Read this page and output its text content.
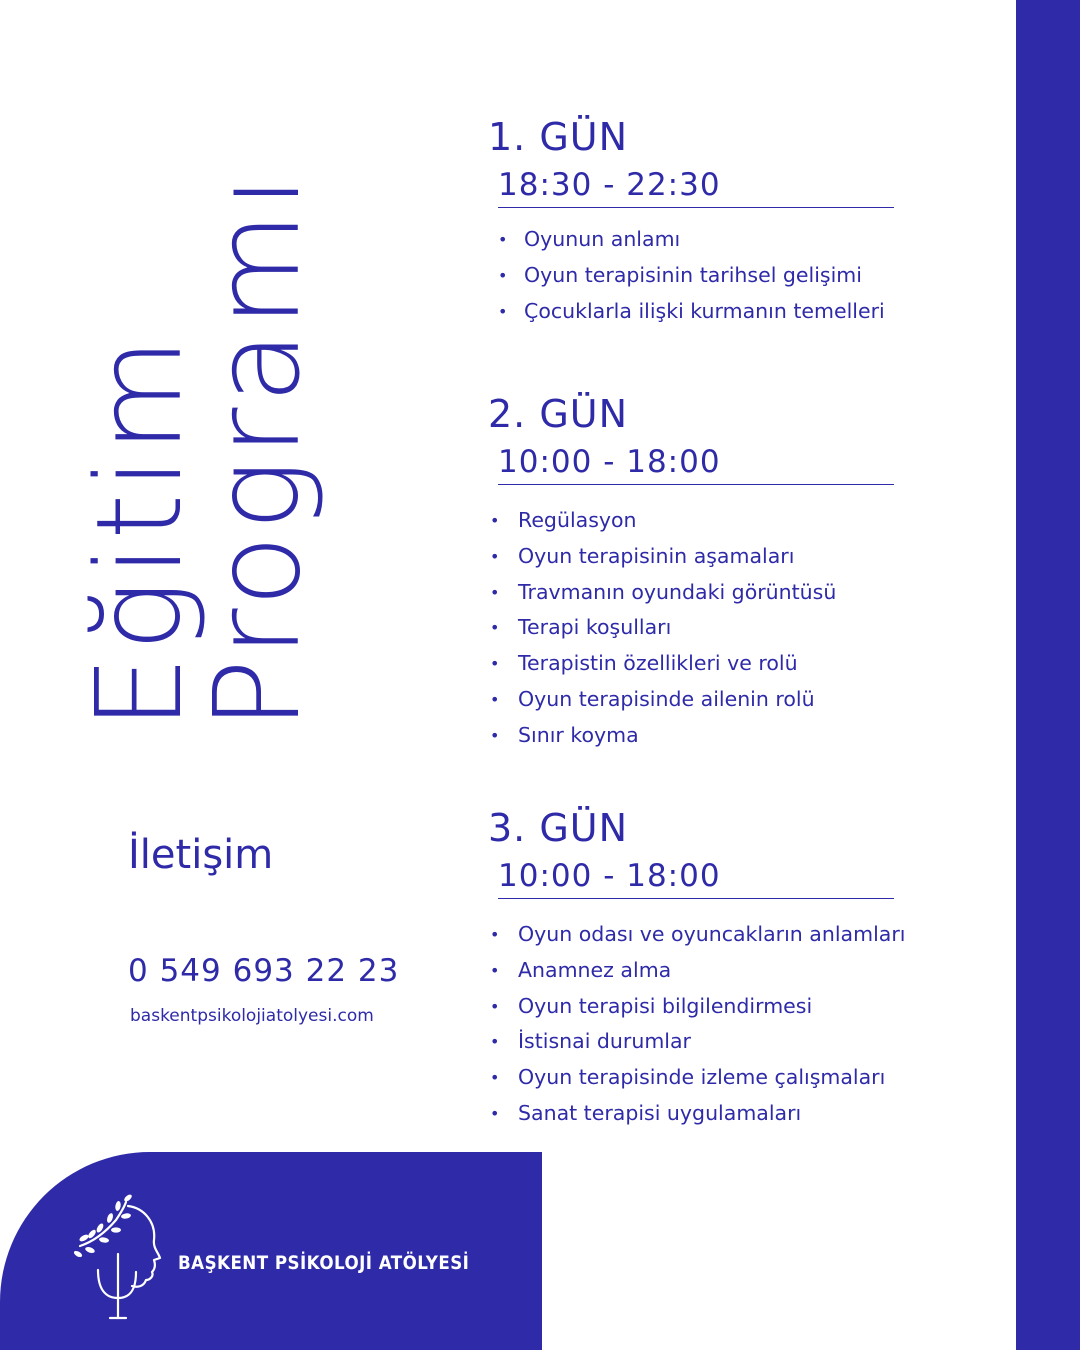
Eğitim
Programı
İletişim
0 549 693 22 23
baskentpsikolojiatolyesi.com
1. GÜN
18:30 - 22:30
• Oyunun anlamı
• Oyun terapisinin tarihsel gelişimi
• Çocuklarla ilişki kurmanın temelleri
2. GÜN
10:00 - 18:00
• Regülasyon
• Oyun terapisinin aşamaları
• Travmanın oyundaki görüntüsü
• Terapi koşulları
• Terapistin özellikleri ve rolü
• Oyun terapisinde ailenin rolü
• Sınır koyma
3. GÜN
10:00 - 18:00
• Oyun odası ve oyuncakların anlamları
• Anamnez alma
• Oyun terapisi bilgilendirmesi
• İstisnai durumlar
• Oyun terapisinde izleme çalışmaları
• Sanat terapisi uygulamaları
BAŞKENT PSİKOLOJİ ATÖLYESİ
